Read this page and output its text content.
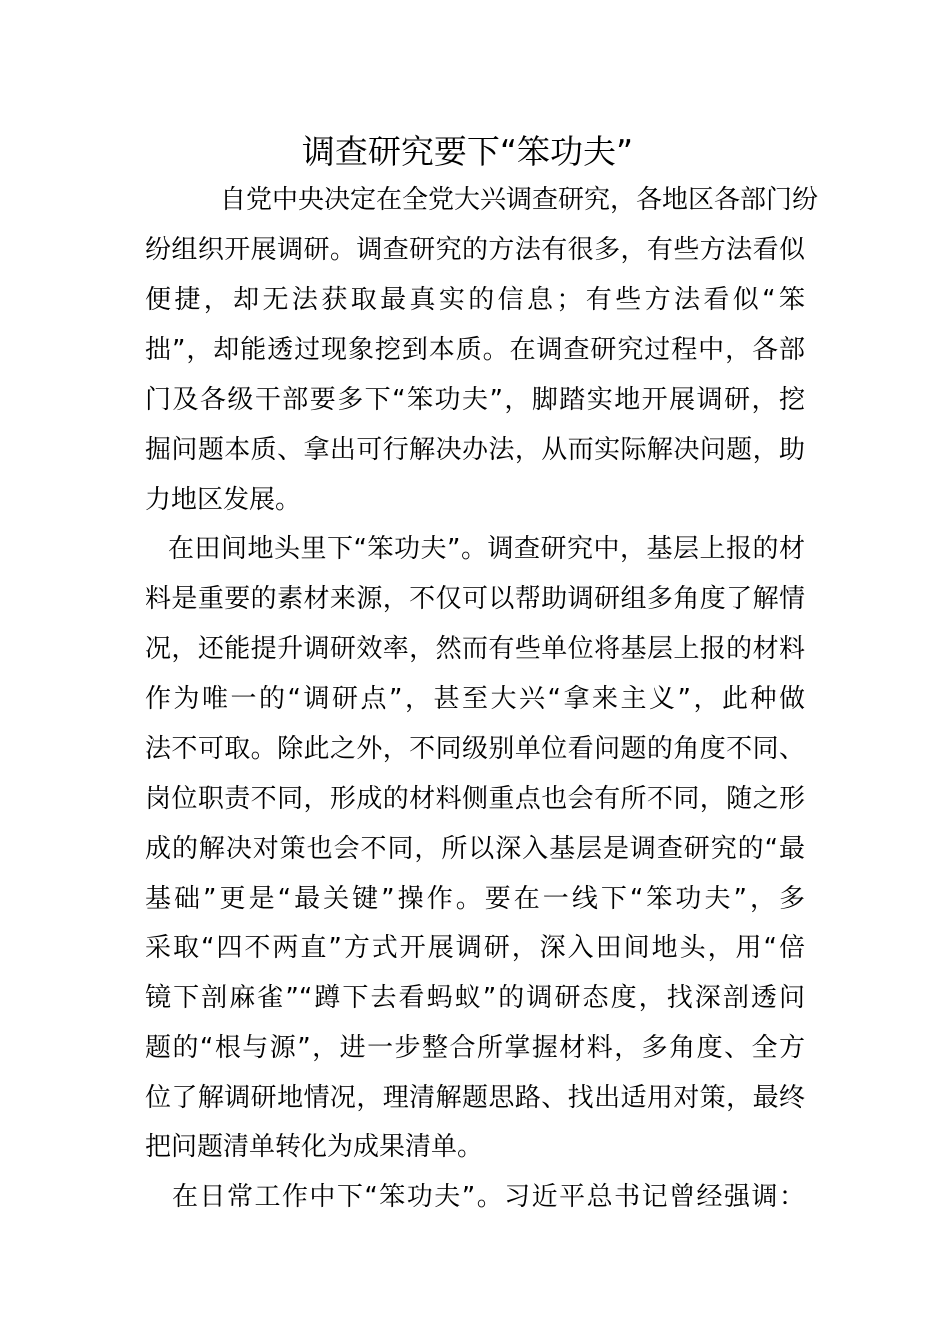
调查研究要下“笨功夫”

自党中央决定在全党大兴调查研究，各地区各部门纷

纷组织开展调研。调查研究的方法有很多，有些方法看似

便捷，却无法获取最真实的信息；有些方法看似“笨

拙”，却能透过现象挖到本质。在调查研究过程中，各部

门及各级干部要多下“笨功夫”，脚踏实地开展调研，挖

掘问题本质、拿出可行解决办法，从而实际解决问题，助

力地区发展。

在田间地头里下“笨功夫”。调查研究中，基层上报的材

料是重要的素材来源，不仅可以帮助调研组多角度了解情

况，还能提升调研效率，然而有些单位将基层上报的材料

作为唯一的“调研点”，甚至大兴“拿来主义”，此种做

法不可取。除此之外，不同级别单位看问题的角度不同、

岗位职责不同，形成的材料侧重点也会有所不同，随之形

成的解决对策也会不同，所以深入基层是调查研究的“最

基础”更是“最关键”操作。要在一线下“笨功夫”，多

采取“四不两直”方式开展调研，深入田间地头，用“倍

镜下剖麻雀”“蹲下去看蚂蚁”的调研态度，找深剖透问

题的“根与源”，进一步整合所掌握材料，多角度、全方

位了解调研地情况，理清解题思路、找出适用对策，最终

把问题清单转化为成果清单。

在日常工作中下“笨功夫”。习近平总书记曾经强调：
